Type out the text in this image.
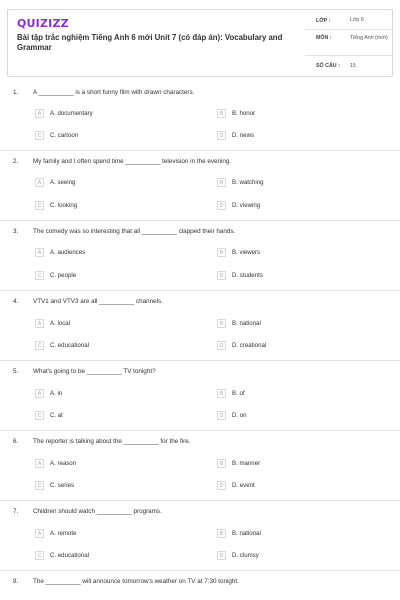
QUIZIZZ
Bài tập trắc nghiệm Tiếng Anh 6 mới Unit 7 (có đáp án): Vocabulary and Grammar
LỚP :	Lớp 6
MÔN :	Tiếng Anh (mới)
SỐ CÂU : 15
1. A __________ is a short funny film with drawn characters.
A	A. documentary	B	B. honor
C	C. cartoon	D	D. news
2. My family and I often spend time __________ television in the evening.
A	A. seeing	B	B. watching
C	C. looking	D	D. viewing
3. The comedy was so interesting that all __________ clapped their hands.
A	A. audiences	B	B. viewers
C	C. people	D	D. students
4. VTV1 and VTV3 are all __________ channels.
A	A. local	B	B. national
C	C. educational	D	D. creational
5. What's going to be __________ TV tonight?
A	A. in	B	B. of
C	C. at	D	D. on
6. The reporter is talking about the __________ for the fire.
A	A. reason	B	B. manner
C	C. series	D	D. event
7. Children should watch __________ programs.
A	A. remote	B	B. national
C	C. educational	D	D. clumsy
8. The __________ will announce tomorrow's weather on TV at 7:30 tonight.
